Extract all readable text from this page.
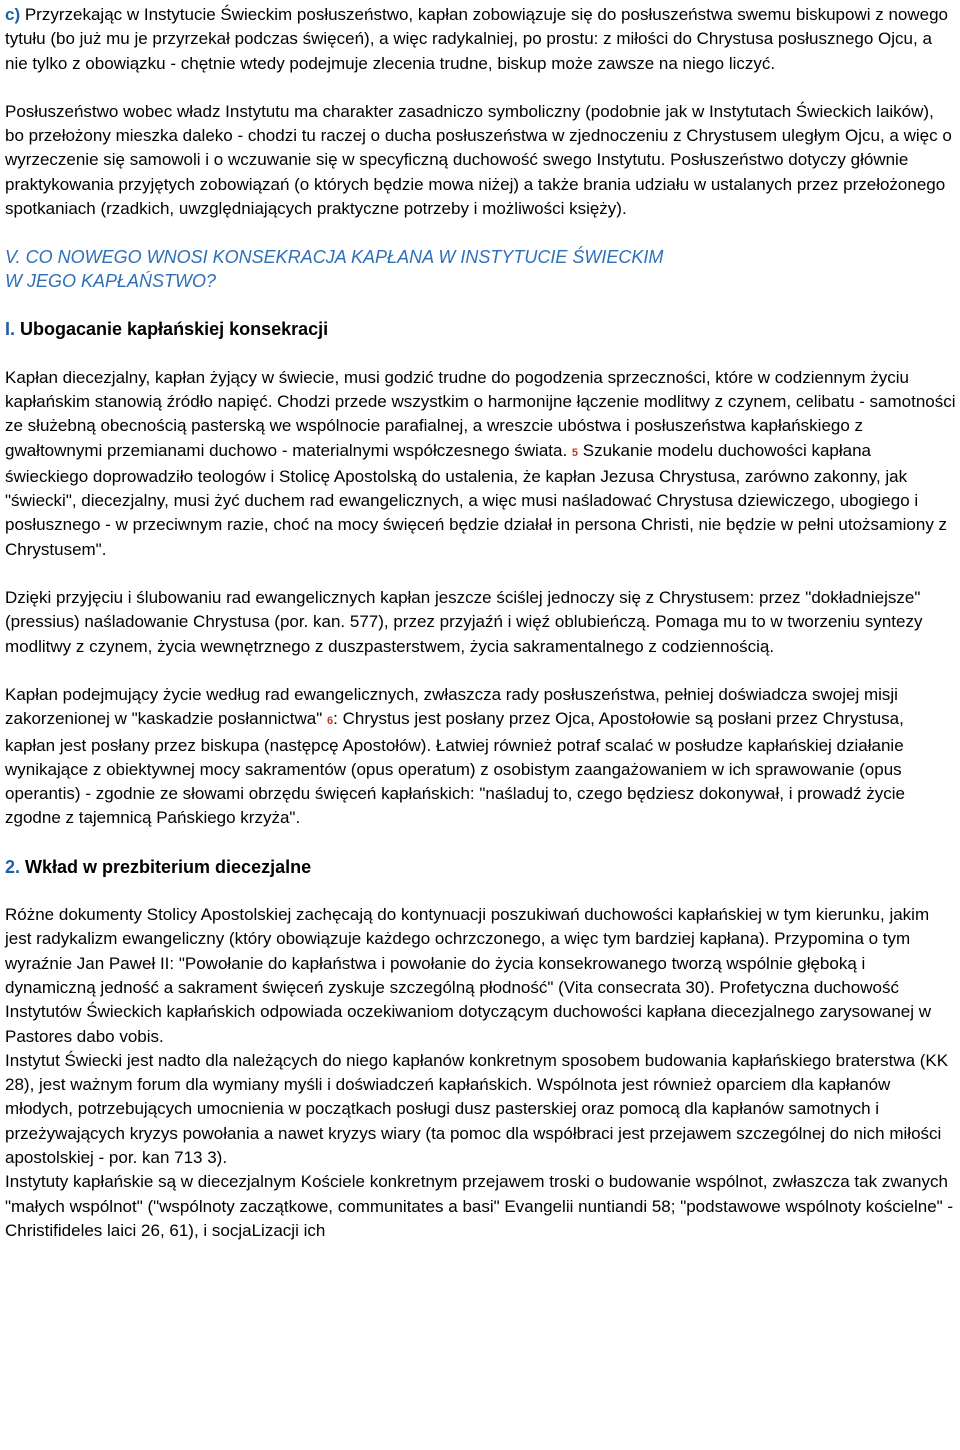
c) Przyrzekając w Instytucie Świeckim posłuszeństwo, kapłan zobowiązuje się do posłuszeństwa swemu biskupowi z nowego tytułu (bo już mu je przyrzekał podczas święceń), a więc radykalniej, po prostu: z miłości do Chrystusa posłusznego Ojcu, a nie tylko z obowiązku - chętnie wtedy podejmuje zlecenia trudne, biskup może zawsze na niego liczyć.

Posłuszeństwo wobec władz Instytutu ma charakter zasadniczo symboliczny (podobnie jak w Instytutach Świeckich laików), bo przełożony mieszka daleko - chodzi tu raczej o ducha posłuszeństwa w zjednoczeniu z Chrystusem uległym Ojcu, a więc o wyrzeczenie się samowoli i o wczuwanie się w specyficzną duchowość swego Instytutu. Posłuszeństwo dotyczy głównie praktykowania przyjętych zobowiązań (o których będzie mowa niżej) a także brania udziału w ustalanych przez przełożonego spotkaniach (rzadkich, uwzględniających praktyczne potrzeby i możliwości księży).

V. CO NOWEGO WNOSI KONSEKRACJA KAPŁANA W INSTYTUCIE ŚWIECKIM
W JEGO KAPŁAŃSTWO?

I. Ubogacanie kapłańskiej konsekracji

Kapłan diecezjalny, kapłan żyjący w świecie, musi godzić trudne do pogodzenia sprzeczności, które w codziennym życiu kapłańskim stanowią źródło napięć. Chodzi przede wszystkim o harmonijne łączenie modlitwy z czynem, celibatu - samotności ze służebną obecnością pasterską we wspólnocie parafialnej, a wreszcie ubóstwa i posłuszeństwa kapłańskiego z gwałtownymi przemianami duchowo - materialnymi współczesnego świata. 5 Szukanie modelu duchowości kapłana świeckiego doprowadziło teologów i Stolicę Apostolską do ustalenia, że kapłan Jezusa Chrystusa, zarówno zakonny, jak "świecki", diecezjalny, musi żyć duchem rad ewangelicznych, a więc musi naśladować Chrystusa dziewiczego, ubogiego i posłusznego - w przeciwnym razie, choć na mocy święceń będzie działał in persona Christi, nie będzie w pełni utożsamiony z Chrystusem".

Dzięki przyjęciu i ślubowaniu rad ewangelicznych kapłan jeszcze ściślej jednoczy się z Chrystusem: przez "dokładniejsze" (pressius) naśladowanie Chrystusa (por. kan. 577), przez przyjaźń i więź oblubieńczą. Pomaga mu to w tworzeniu syntezy modlitwy z czynem, życia wewnętrznego z duszpasterstwem, życia sakramentalnego z codziennością.

Kapłan podejmujący życie według rad ewangelicznych, zwłaszcza rady posłuszeństwa, pełniej doświadcza swojej misji zakorzenionej w "kaskadzie posłannictwa" 6: Chrystus jest posłany przez Ojca, Apostołowie są posłani przez Chrystusa, kapłan jest posłany przez biskupa (następcę Apostołów). Łatwiej również potraf scalać w posłudze kapłańskiej działanie wynikające z obiektywnej mocy sakramentów (opus operatum) z osobistym zaangażowaniem w ich sprawowanie (opus operantis) - zgodnie ze słowami obrzędu święceń kapłańskich: "naśladuj to, czego będziesz dokonywał, i prowadź życie zgodne z tajemnicą Pańskiego krzyża".

2. Wkład w prezbiterium diecezjalne

Różne dokumenty Stolicy Apostolskiej zachęcają do kontynuacji poszukiwań duchowości kapłańskiej w tym kierunku, jakim jest radykalizm ewangeliczny (który obowiązuje każdego ochrzczonego, a więc tym bardziej kapłana). Przypomina o tym wyraźnie Jan Paweł II: "Powołanie do kapłaństwa i powołanie do życia konsekrowanego tworzą wspólnie głęboką i dynamiczną jedność a sakrament święceń zyskuje szczególną płodność" (Vita consecrata 30). Profetyczna duchowość Instytutów Świeckich kapłańskich odpowiada oczekiwaniom dotyczącym duchowości kapłana diecezjalnego zarysowanej w Pastores dabo vobis.

Instytut Świecki jest nadto dla należących do niego kapłanów konkretnym sposobem budowania kapłańskiego braterstwa (KK 28), jest ważnym forum dla wymiany myśli i doświadczeń kapłańskich. Wspólnota jest również oparciem dla kapłanów młodych, potrzebujących umocnienia w początkach posługi dusz pasterskiej oraz pomocą dla kapłanów samotnych i przeżywających kryzys powołania a nawet kryzys wiary (ta pomoc dla współbraci jest przejawem szczególnej do nich miłości apostolskiej - por. kan 713 3).

Instytuty kapłańskie są w diecezjalnym Kościele konkretnym przejawem troski o budowanie wspólnot, zwłaszcza tak zwanych "małych wspólnot" ("wspólnoty zaczątkowe, communitates a basi" Evangelii nuntiandi 58; "podstawowe wspólnoty kościelne" - Christifideles laici 26, 61), i socjaLizacji ich
